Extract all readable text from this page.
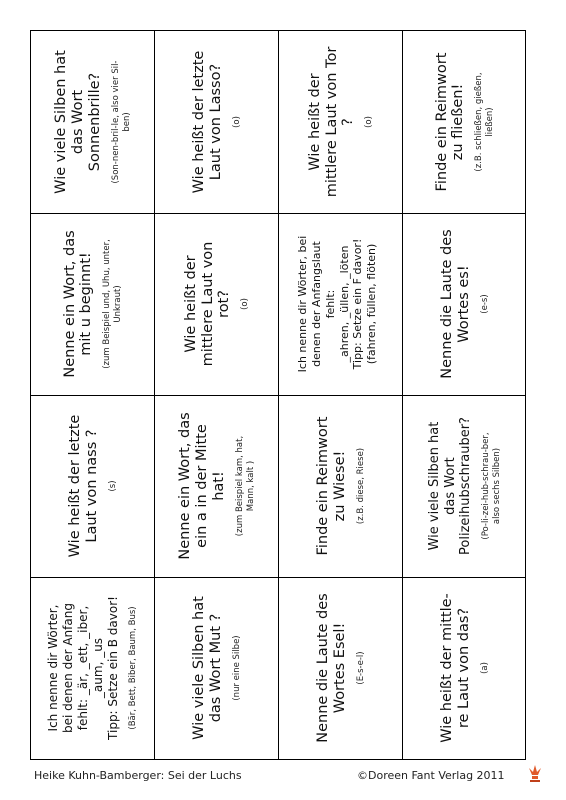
Wie viele Silben hat
das Wort
Sonnenbrille? (Son-nen-bril-le, also vier Sil-
ben)
Wie heißt der letzte
Laut von Lasso?
(o)
Wie heißt der
mittlere Laut von Tor
? (o)
Finde ein Reimwort
zu fließen!
(z.B. schließen, gießen,
ließen)
Nenne ein Wort, das
mit u beginnt!
(zum Beispiel und, Uhu, unter,
Unkraut)
Wie heißt der
mittlere Laut von
rot? (o)
Ich nenne dir Wörter, bei
denen der Anfangslaut
fehlt:
_ahren, _üllen, _löten
Tipp: Setze ein F davor!
(fahren, füllen, flöten)
Nenne die Laute des
Wortes es!
(e-s)
Wie heißt der letzte
Laut von nass ?
(s)
Nenne ein Wort, das
ein a in der Mitte
hat!
(zum Beispiel kam, hat,
Mann, kalt )
Finde ein Reimwort
zu Wiese! (z.B. diese, Riese)
Wie viele Silben hat
das Wort
Polizeihubschrauber? (Po-li-zei-hub-schrau-ber,
also sechs Silben)
Ich nenne dir Wörter,
bei denen der Anfang
fehlt: _är, _ett, _iber,
_aum, _us
Tipp: Setze ein B davor! (Bär, Bett, Biber, Baum, Bus)	Wie viele Silben hat
das Wort Mut ?
(nur eine Silbe)
Nenne die Laute des
Wortes Esel!
(E-s-e-l)
Wie heißt der mittle-
re Laut von das?
(a)
Heike Kuhn-Bamberger: Sei der Luchs	©Doreen Fant Verlag 2011
